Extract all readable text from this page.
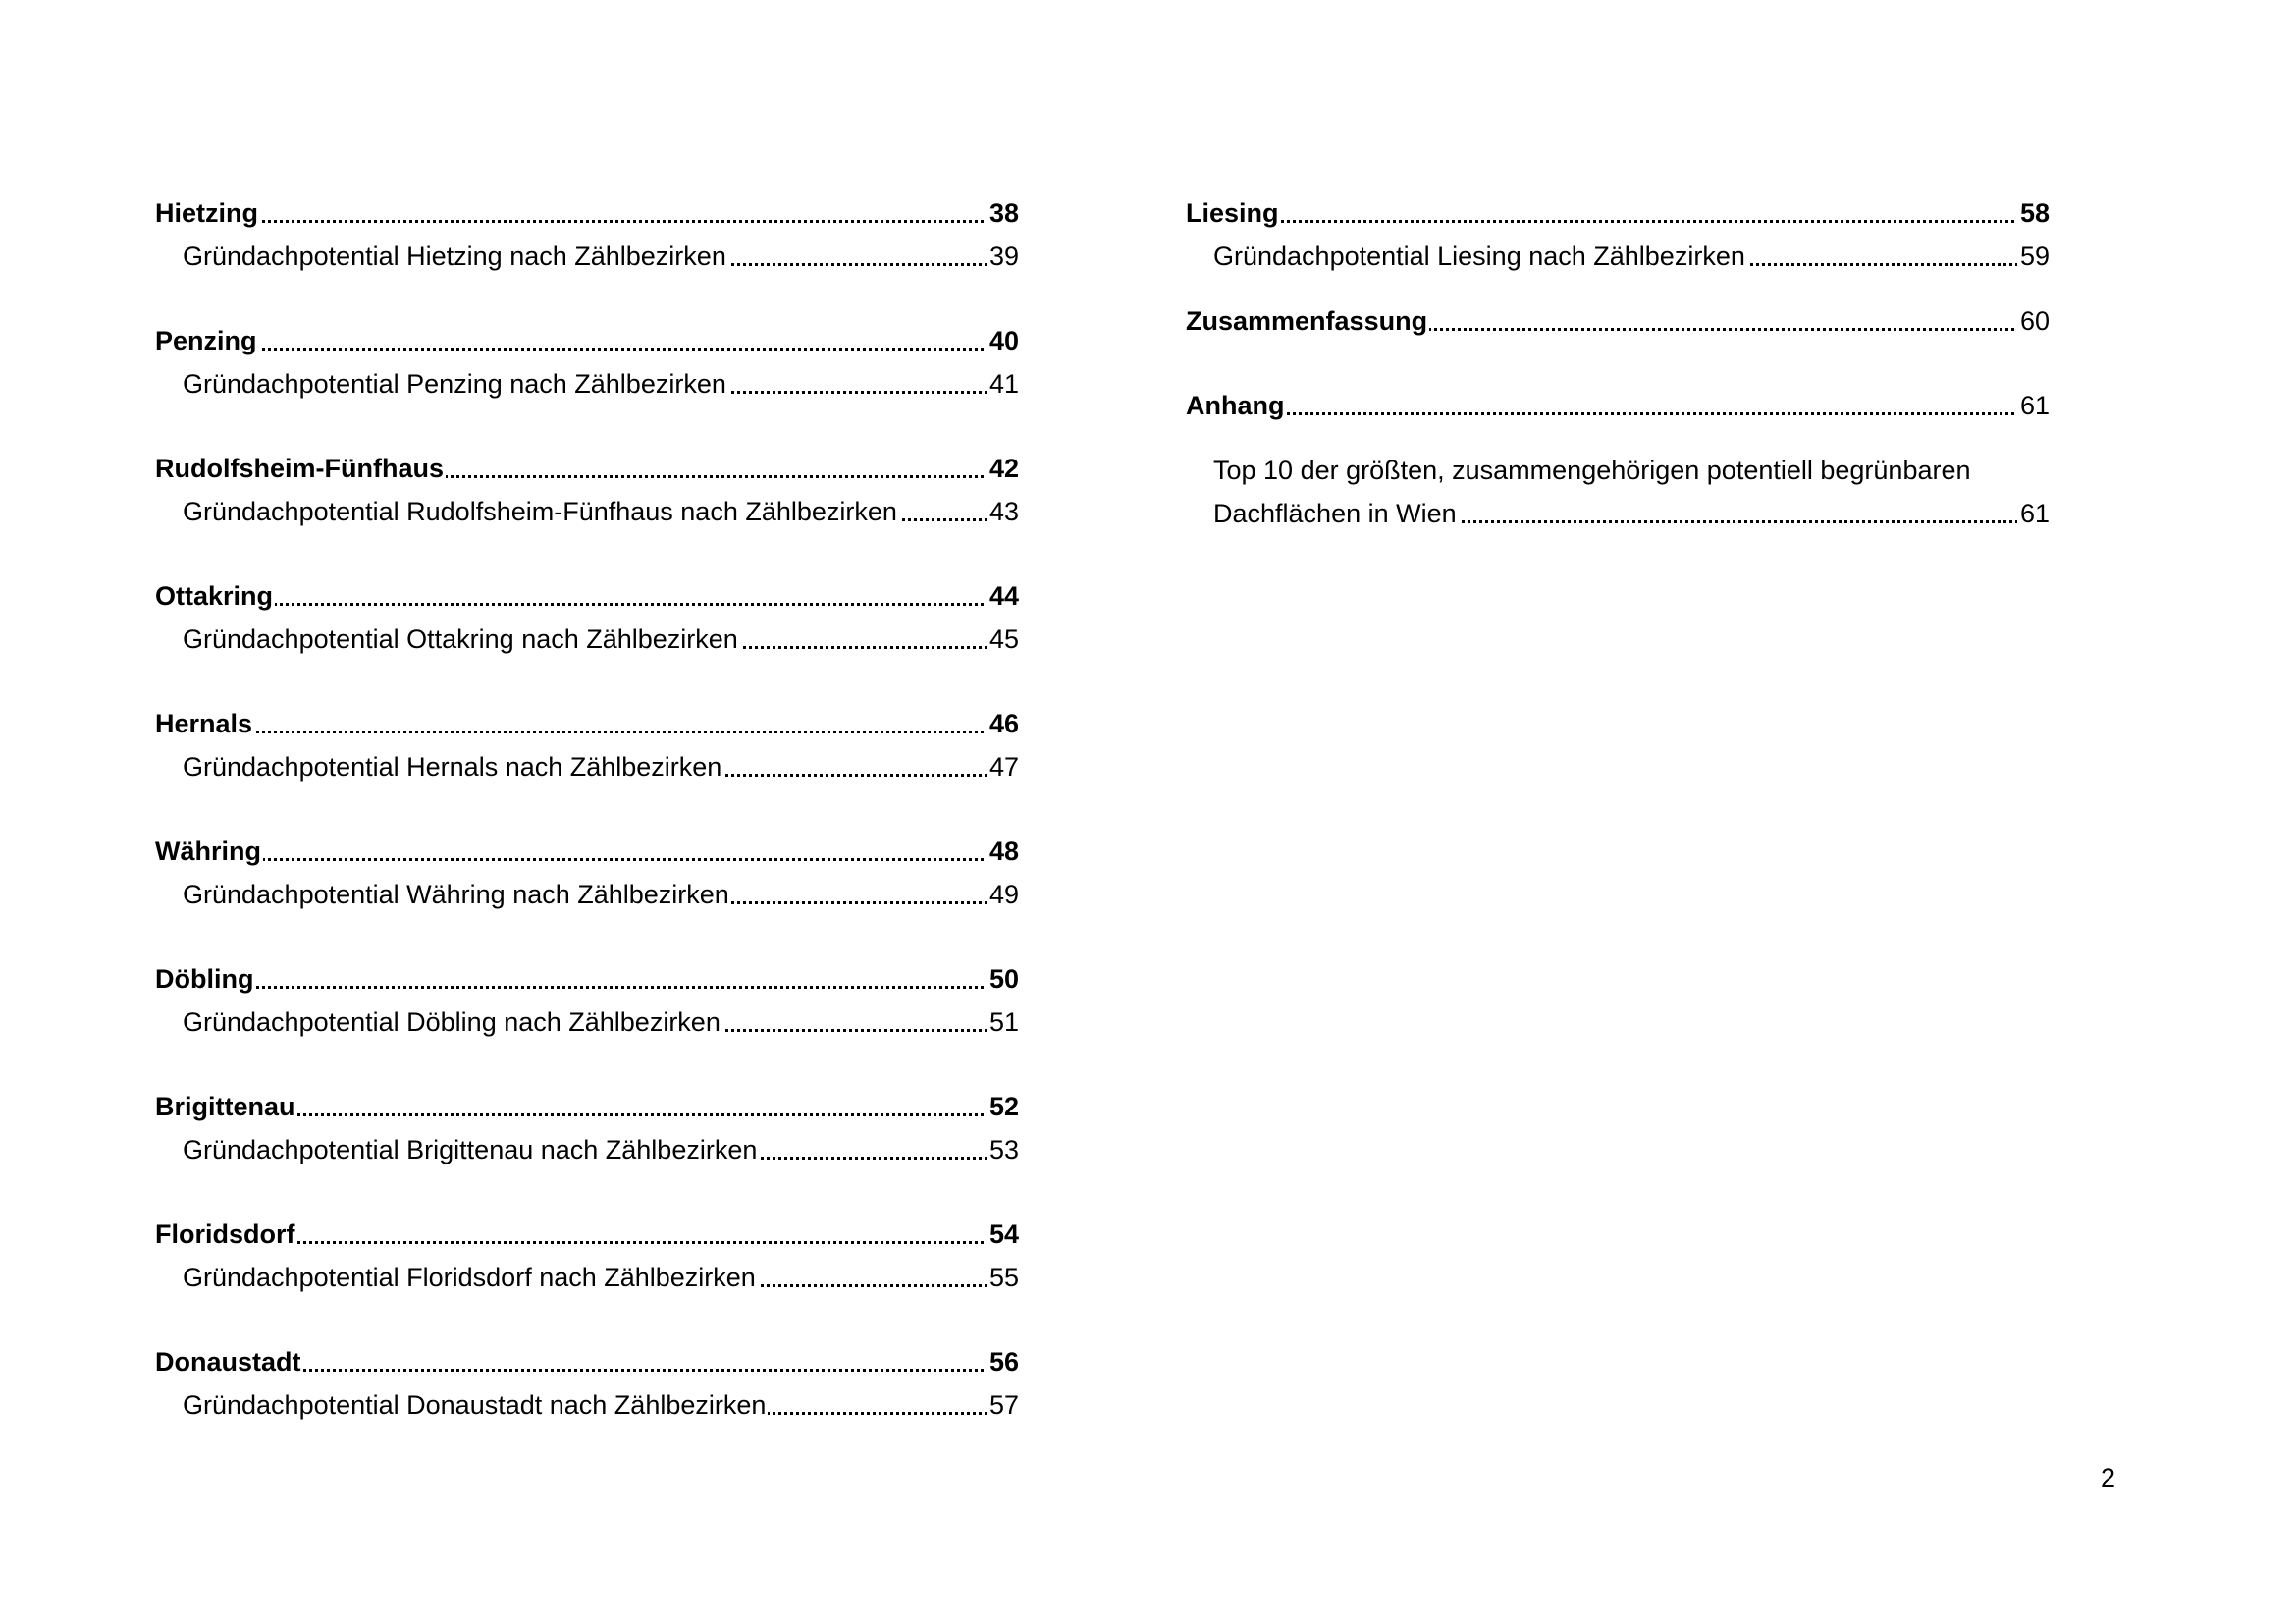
Hietzing	38
Gründachpotential Hietzing nach Zählbezirken	39
Penzing	40
Gründachpotential Penzing nach Zählbezirken	41
Rudolfsheim-Fünfhaus	42
Gründachpotential Rudolfsheim-Fünfhaus nach Zählbezirken	43
Ottakring	44
Gründachpotential Ottakring nach Zählbezirken	45
Hernals	46
Gründachpotential Hernals nach Zählbezirken	47
Währing	48
Gründachpotential Währing nach Zählbezirken	49
Döbling	50
Gründachpotential Döbling nach Zählbezirken	51
Brigittenau	52
Gründachpotential Brigittenau nach Zählbezirken	53
Floridsdorf	54
Gründachpotential Floridsdorf nach Zählbezirken	55
Donaustadt	56
Gründachpotential Donaustadt nach Zählbezirken	57
Liesing	58
Gründachpotential Liesing nach Zählbezirken	59
Zusammenfassung	60
Anhang	61
Top 10 der größten, zusammengehörigen potentiell begrünbaren
Dachflächen in Wien	61
2
